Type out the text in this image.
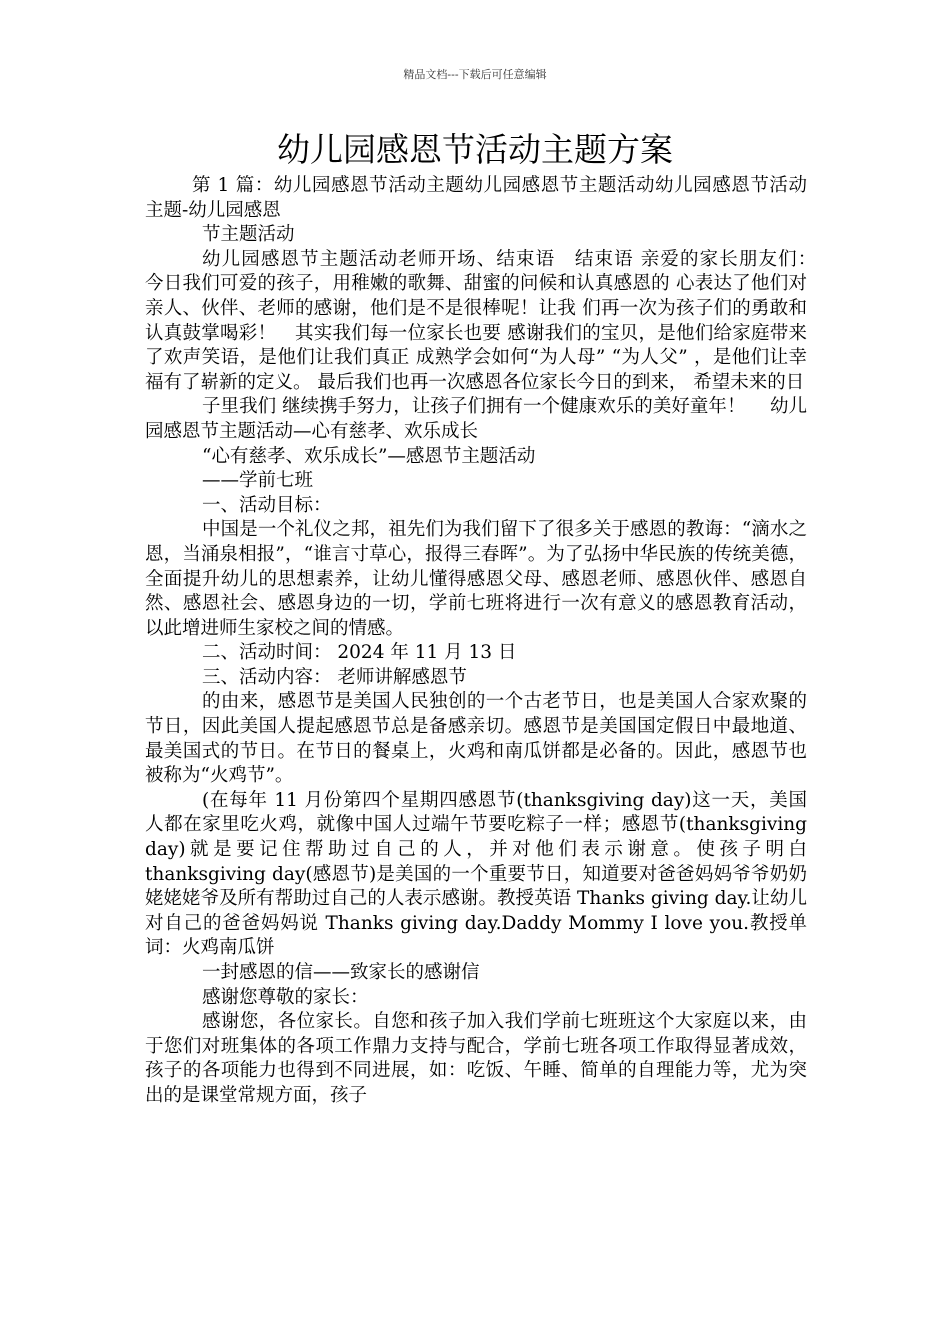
精品文档---下载后可任意编辑
幼儿园感恩节活动主题方案

第 1 篇：幼儿园感恩节活动主题幼儿园感恩节主题活动幼儿园感恩节活动主题-幼儿园感恩

节主题活动

幼儿园感恩节主题活动老师开场、结束语　结束语 亲爱的家长朋友们：　今日我们可爱的孩子，用稚嫩的歌舞、甜蜜的问候和认真感恩的 心表达了他们对亲人、伙伴、老师的感谢，他们是不是很棒呢！让我 们再一次为孩子们的勇敢和认真鼓掌喝彩！　其实我们每一位家长也要 感谢我们的宝贝，是他们给家庭带来了欢声笑语，是他们让我们真正 成熟学会如何“为人母” “为人父” ，是他们让幸福有了崭新的定义。 最后我们也再一次感恩各位家长今日的到来， 希望未来的日

子里我们 继续携手努力，让孩子们拥有一个健康欢乐的美好童年！　 幼儿园感恩节主题活动—心有慈孝、欢乐成长

“心有慈孝、欢乐成长”—感恩节主题活动

——学前七班

一、活动目标：

中国是一个礼仪之邦，祖先们为我们留下了很多关于感恩的教诲：“滴水之恩，当涌泉相报”，“谁言寸草心，报得三春晖”。为了弘扬中华民族的传统美德，全面提升幼儿的思想素养，让幼儿懂得感恩父母、感恩老师、感恩伙伴、感恩自然、感恩社会、感恩身边的一切，学前七班将进行一次有意义的感恩教育活动，以此增进师生家校之间的情感。

二、活动时间： 2024 年 11 月 13 日

三、活动内容： 老师讲解感恩节

的由来，感恩节是美国人民独创的一个古老节日，也是美国人合家欢聚的节日，因此美国人提起感恩节总是备感亲切。感恩节是美国国定假日中最地道、最美国式的节日。在节日的餐桌上，火鸡和南瓜饼都是必备的。因此，感恩节也被称为“火鸡节”。

(在每年 11 月份第四个星期四感恩节(thanksgiving day)这一天，美国人都在家里吃火鸡，就像中国人过端午节要吃粽子一样；感恩节(thanksgiving day)就是要记住帮助过自己的人，并对他们表示谢意。使孩子明白 thanksgiving day(感恩节)是美国的一个重要节日，知道要对爸爸妈妈爷爷奶奶姥姥姥爷及所有帮助过自己的人表示感谢。教授英语 Thanks giving day.让幼儿对自己的爸爸妈妈说 Thanks giving day.Daddy Mommy I love you.教授单词：火鸡南瓜饼

一封感恩的信——致家长的感谢信

感谢您尊敬的家长：

感谢您，各位家长。自您和孩子加入我们学前七班班这个大家庭以来，由于您们对班集体的各项工作鼎力支持与配合，学前七班各项工作取得显著成效，孩子的各项能力也得到不同进展，如：吃饭、午睡、简单的自理能力等，尤为突出的是课堂常规方面，孩子
